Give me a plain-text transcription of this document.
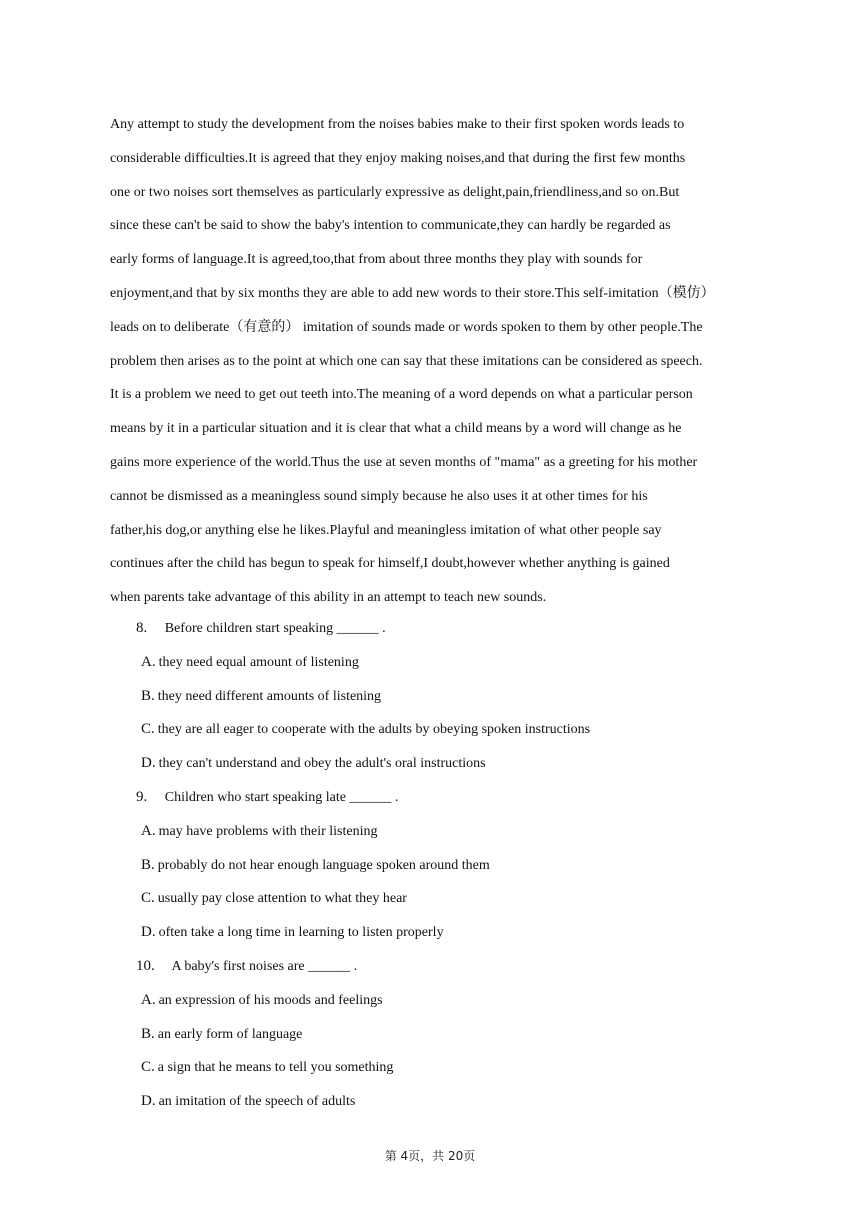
Any attempt to study the development from the noises babies make to their first spoken words leads to
considerable difficulties.It is agreed that they enjoy making noises,and that during the first few months
one or two noises sort themselves as particularly expressive as delight,pain,friendliness,and so on.But
since these can't be said to show the baby's intention to communicate,they can hardly be regarded as
early forms of language.It is agreed,too,that from about three months they play with sounds for
enjoyment,and that by six months they are able to add new words to their store.This self-imitation（模仿）
leads on to deliberate（有意的） imitation of sounds made or words spoken to them by other people.The
problem then arises as to the point at which one can say that these imitations can be considered as speech.
It is a problem we need to get out teeth into.The meaning of a word depends on what a particular person
means by it in a particular situation and it is clear that what a child means by a word will change as he
gains more experience of the world.Thus the use at seven months of "mama" as a greeting for his mother
cannot be dismissed as a meaningless sound simply because he also uses it at other times for his
father,his dog,or anything else he likes.Playful and meaningless imitation of what other people say
continues after the child has begun to speak for himself,I doubt,however whether anything is gained
when parents take advantage of this ability in an attempt to teach new sounds.
8. Before children start speaking ______ .
A. they need equal amount of listening
B. they need different amounts of listening
C. they are all eager to cooperate with the adults by obeying spoken instructions
D. they can't understand and obey the adult's oral instructions
9. Children who start speaking late ______ .
A. may have problems with their listening
B. probably do not hear enough language spoken around them
C. usually pay close attention to what they hear
D. often take a long time in learning to listen properly
10. A baby's first noises are ______ .
A. an expression of his moods and feelings
B. an early form of language
C. a sign that he means to tell you something
D. an imitation of the speech of adults
第 4页，共 20页
